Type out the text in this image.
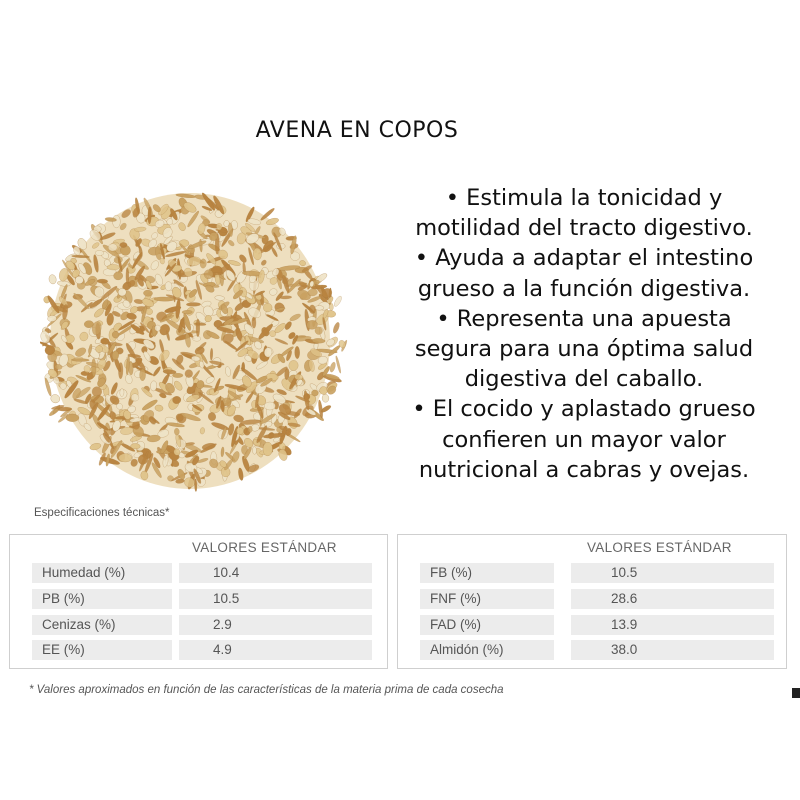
AVENA EN COPOS
• Estimula la tonicidad y
motilidad del tracto digestivo.
• Ayuda a adaptar el intestino
grueso a la función digestiva.
• Representa una apuesta
segura para una óptima salud
digestiva del caballo.
• El cocido y aplastado grueso
confieren un mayor valor
nutricional a cabras y ovejas.
Especificaciones técnicas*
VALORES ESTÁNDAR
Humedad (%)	10.4
PB (%)	10.5
Cenizas (%)	2.9
EE (%)	4.9
VALORES ESTÁNDAR
FB (%)	10.5
FNF (%)	28.6
FAD (%)	13.9
Almidón (%)	38.0
* Valores aproximados en función de las características de la materia prima de cada cosecha
